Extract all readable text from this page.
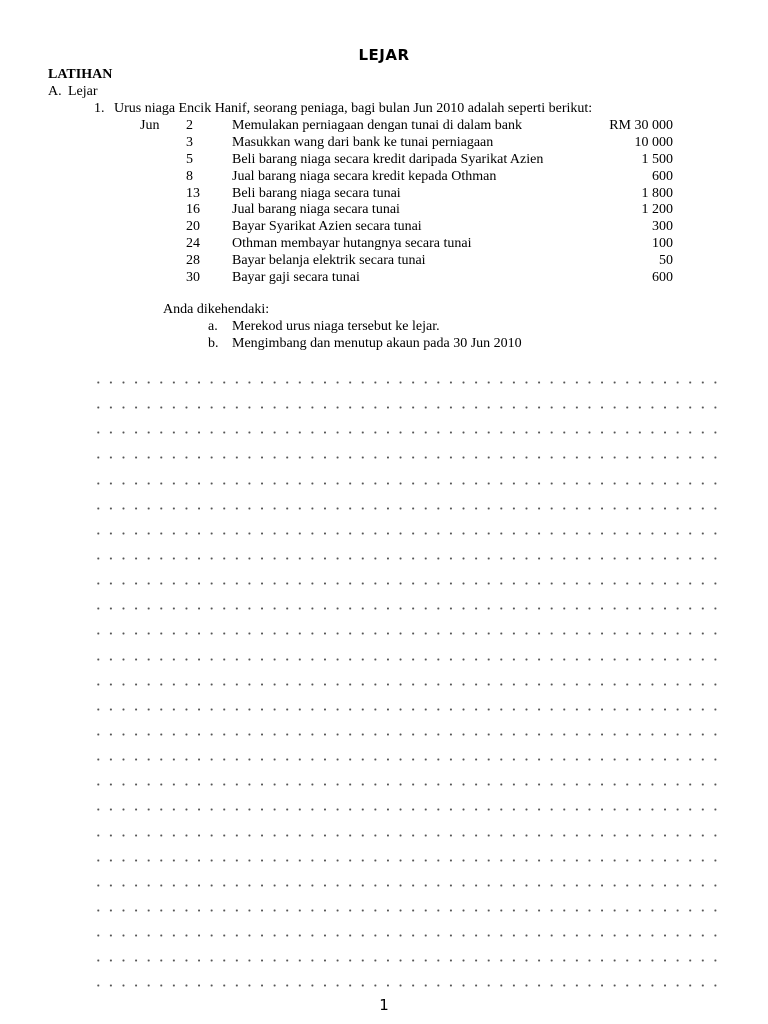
LEJAR
LATIHAN
A. Lejar
1. Urus niaga Encik Hanif, seorang peniaga, bagi bulan Jun 2010 adalah seperti berikut:
Jun 2	Memulakan perniagaan dengan tunai di dalam bank	RM 30 000
3	Masukkan wang dari bank ke tunai perniagaan	10 000
5	Beli barang niaga secara kredit daripada Syarikat Azien	1 500
8	Jual barang niaga secara kredit kepada Othman	600
13 Beli barang niaga secara tunai	1 800
16 Jual barang niaga secara tunai	1 200
20 Bayar Syarikat Azien secara tunai	300
24 Othman membayar hutangnya secara tunai	100
28 Bayar belanja elektrik secara tunai	50
30 Bayar gaji secara tunai	600
Anda dikehendaki:
a. Merekod urus niaga tersebut ke lejar.
b. Mengimbang dan menutup akaun pada 30 Jun 2010
1
